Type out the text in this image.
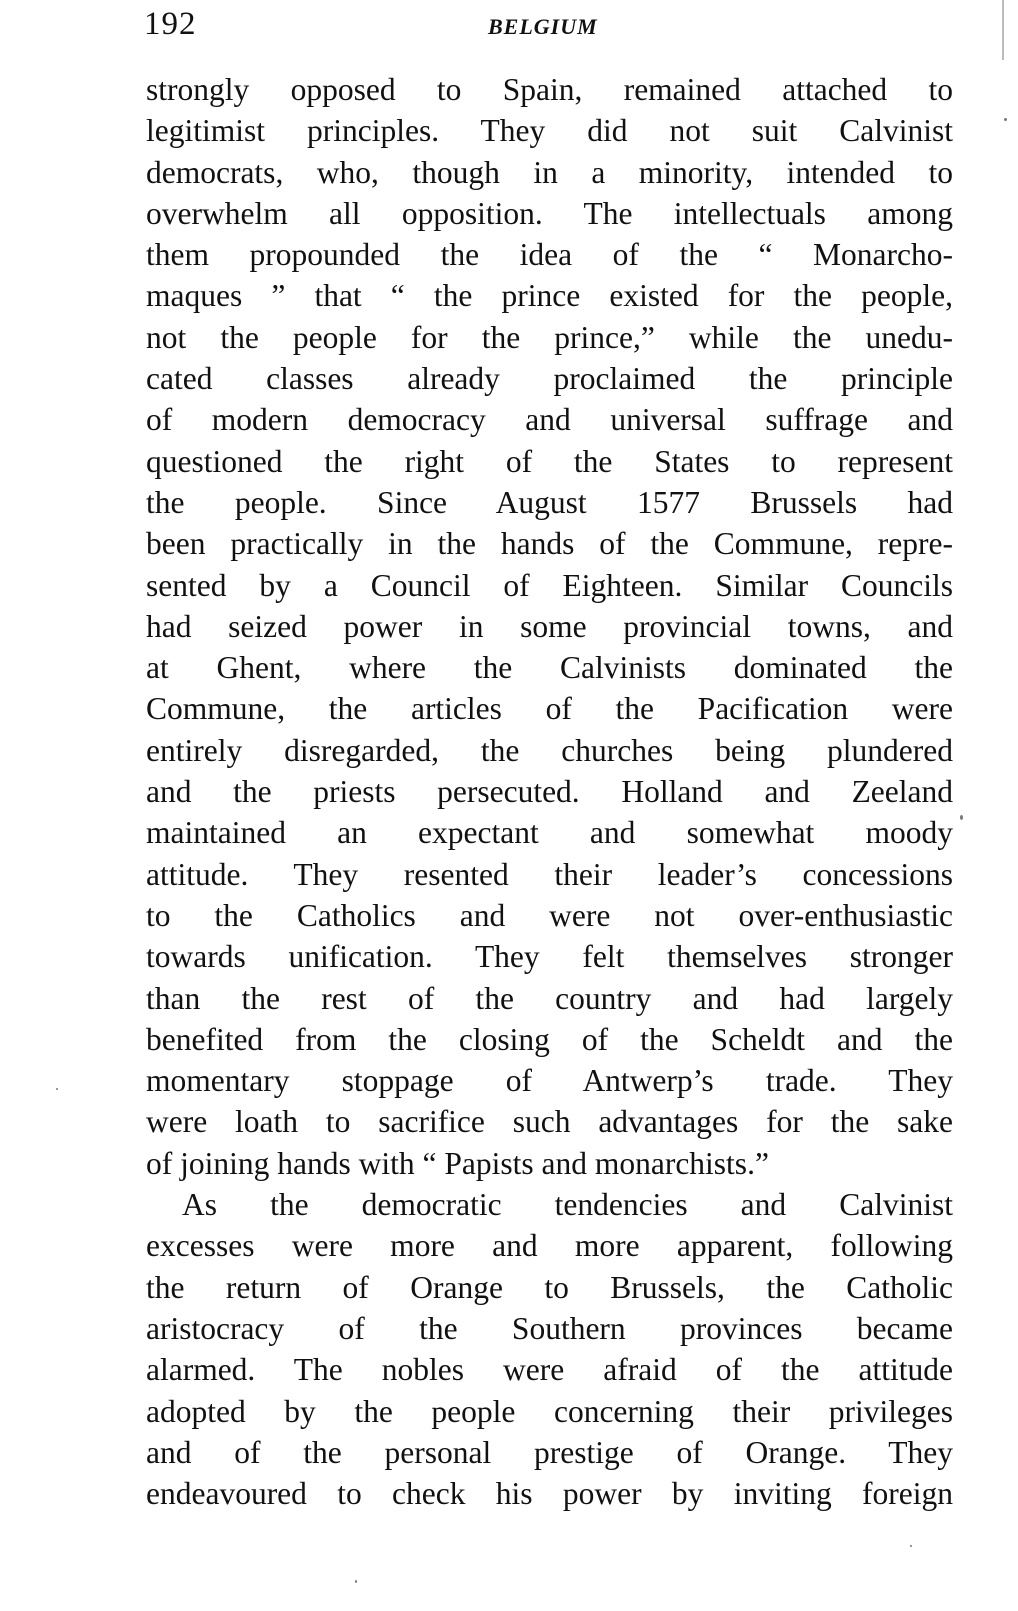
192	BELGIUM
strongly opposed to Spain, remained attached to
legitimist principles. They did not suit Calvinist
democrats, who, though in a minority, intended to
overwhelm all opposition. The intellectuals among
them propounded the idea of the “ Monarcho-
maques ” that “ the prince existed for the people,
not the people for the prince,” while the unedu-
cated classes already proclaimed the principle
of modern democracy and universal suffrage and
questioned the right of the States to represent
the people. Since August 1577 Brussels had
been practically in the hands of the Commune, repre-
sented by a Council of Eighteen. Similar Councils
had seized power in some provincial towns, and
at Ghent, where the Calvinists dominated the
Commune, the articles of the Pacification were
entirely disregarded, the churches being plundered
and the priests persecuted. Holland and Zeeland
maintained an expectant and somewhat moody
attitude. They resented their leader’s concessions
to the Catholics and were not over-enthusiastic
towards unification. They felt themselves stronger
than the rest of the country and had largely
benefited from the closing of the Scheldt and the
momentary stoppage of Antwerp’s trade. They
were loath to sacrifice such advantages for the sake
of joining hands with “ Papists and monarchists.”
As the democratic tendencies and Calvinist
excesses were more and more apparent, following
the return of Orange to Brussels, the Catholic
aristocracy of the Southern provinces became
alarmed. The nobles were afraid of the attitude
adopted by the people concerning their privileges
and of the personal prestige of Orange. They
endeavoured to check his power by inviting foreign
